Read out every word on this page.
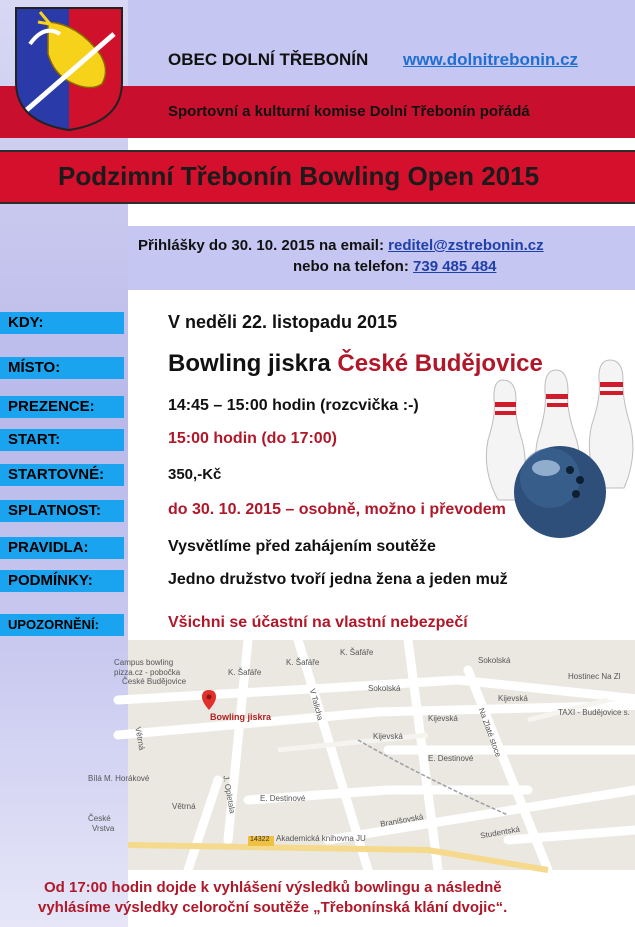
OBEC DOLNÍ TŘEBONÍN www.dolnitrebonin.cz
Sportovní a kulturní komise Dolní Třebonín pořádá
Podzimní Třebonín Bowling Open 2015
Přihlášky do 30. 10. 2015 na email: reditel@zstrebonin.cz
nebo na telefon: 739 485 484
KDY:	V neděli 22. listopadu 2015
MÍSTO:	Bowling jiskra České Budějovice
PREZENCE:	14:45 – 15:00 hodin (rozcvička :-)
START:	15:00 hodin (do 17:00)
STARTOVNÉ:	350,-Kč
SPLATNOST:	do 30. 10. 2015 – osobně, možno i převodem
PRAVIDLA:	Vysvětlíme před zahájením soutěže
PODMÍNKY:	Jedno družstvo tvoří jedna žena a jeden muž
UPOZORNĚNÍ:	Všichni se účastní na vlastní nebezpečí
Bowling jiskra
Campus bowling
pizza.cz - pobočka
České Budějovice
K. Šafáře
K. Šafáře
K. Šafáře
Sokolská
Sokolská
Hostinec Na Zl
Kijevská
Kijevská
Kijevská
TAXI - Budějovice s.
V Talicha
Na Zlaté stoce
E. Destinové
E. Destinové
Větrná
Větrná	J. Opletala
Branišovská
Studentská
Akademická knihovna JU
14322
Bílá M. Horákové
České
Vrstva
Od 17:00 hodin dojde k vyhlášení výsledků bowlingu a následně
vyhlásíme výsledky celoroční soutěže „Třebonínská klání dvojic“.
